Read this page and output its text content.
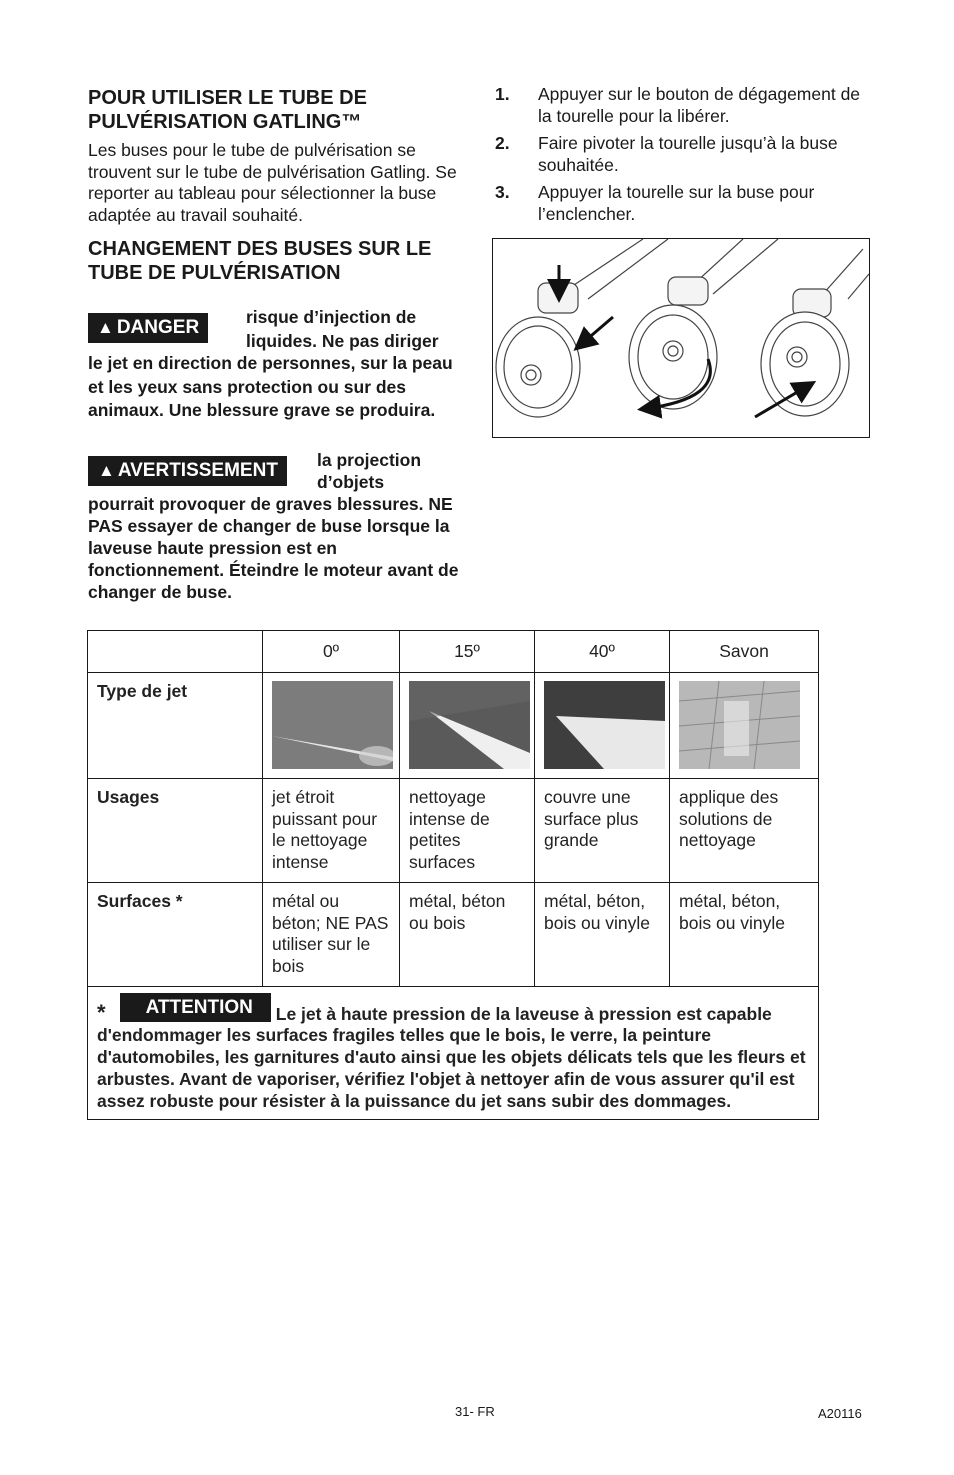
POUR UTILISER LE TUBE DE PULVÉRISATION GATLING™

Les buses pour le tube de pulvérisation se trouvent sur le tube de pulvérisation Gatling. Se reporter au tableau pour sélectionner la buse adaptée au travail souhaité.

CHANGEMENT DES BUSES SUR LE TUBE DE PULVÉRISATION
▲ DANGER	risque d’injection de liquides. Ne pas diriger
le jet en direction de personnes, sur la peau et les yeux sans protection ou sur des animaux. Une blessure grave se produira.
▲ AVERTISSEMENT	la projection d’objets
pourrait provoquer de graves blessures. NE PAS essayer de changer de buse lorsque la laveuse haute pression est en fonctionnement. Éteindre le moteur avant de changer de buse.
1. Appuyer sur le bouton de dégagement de la tourelle pour la libérer.
2. Faire pivoter la tourelle jusqu’à la buse souhaitée.
3. Appuyer la tourelle sur la buse pour l’enclencher.
	0º	15º	40º	Savon
Type de jet	

Usages	jet étroit puissant pour le nettoyage intense	nettoyage intense de petites surfaces	couvre une surface plus grande	applique des solutions de nettoyage
Surfaces *	métal ou béton; NE PAS utiliser sur le bois	métal, béton ou bois	métal, béton, bois ou vinyle	métal, béton, bois ou vinyle

* ATTENTION Le jet à haute pression de la laveuse à pression est capable d'endommager les surfaces fragiles telles que le bois, le verre, la peinture d'automobiles, les garnitures d'auto ainsi que les objets délicats tels que les fleurs et arbustes. Avant de vaporiser, vérifiez l'objet à nettoyer afin de vous assurer qu'il est assez robuste pour résister à la puissance du jet sans subir des dommages.				
31- FR	A20116
